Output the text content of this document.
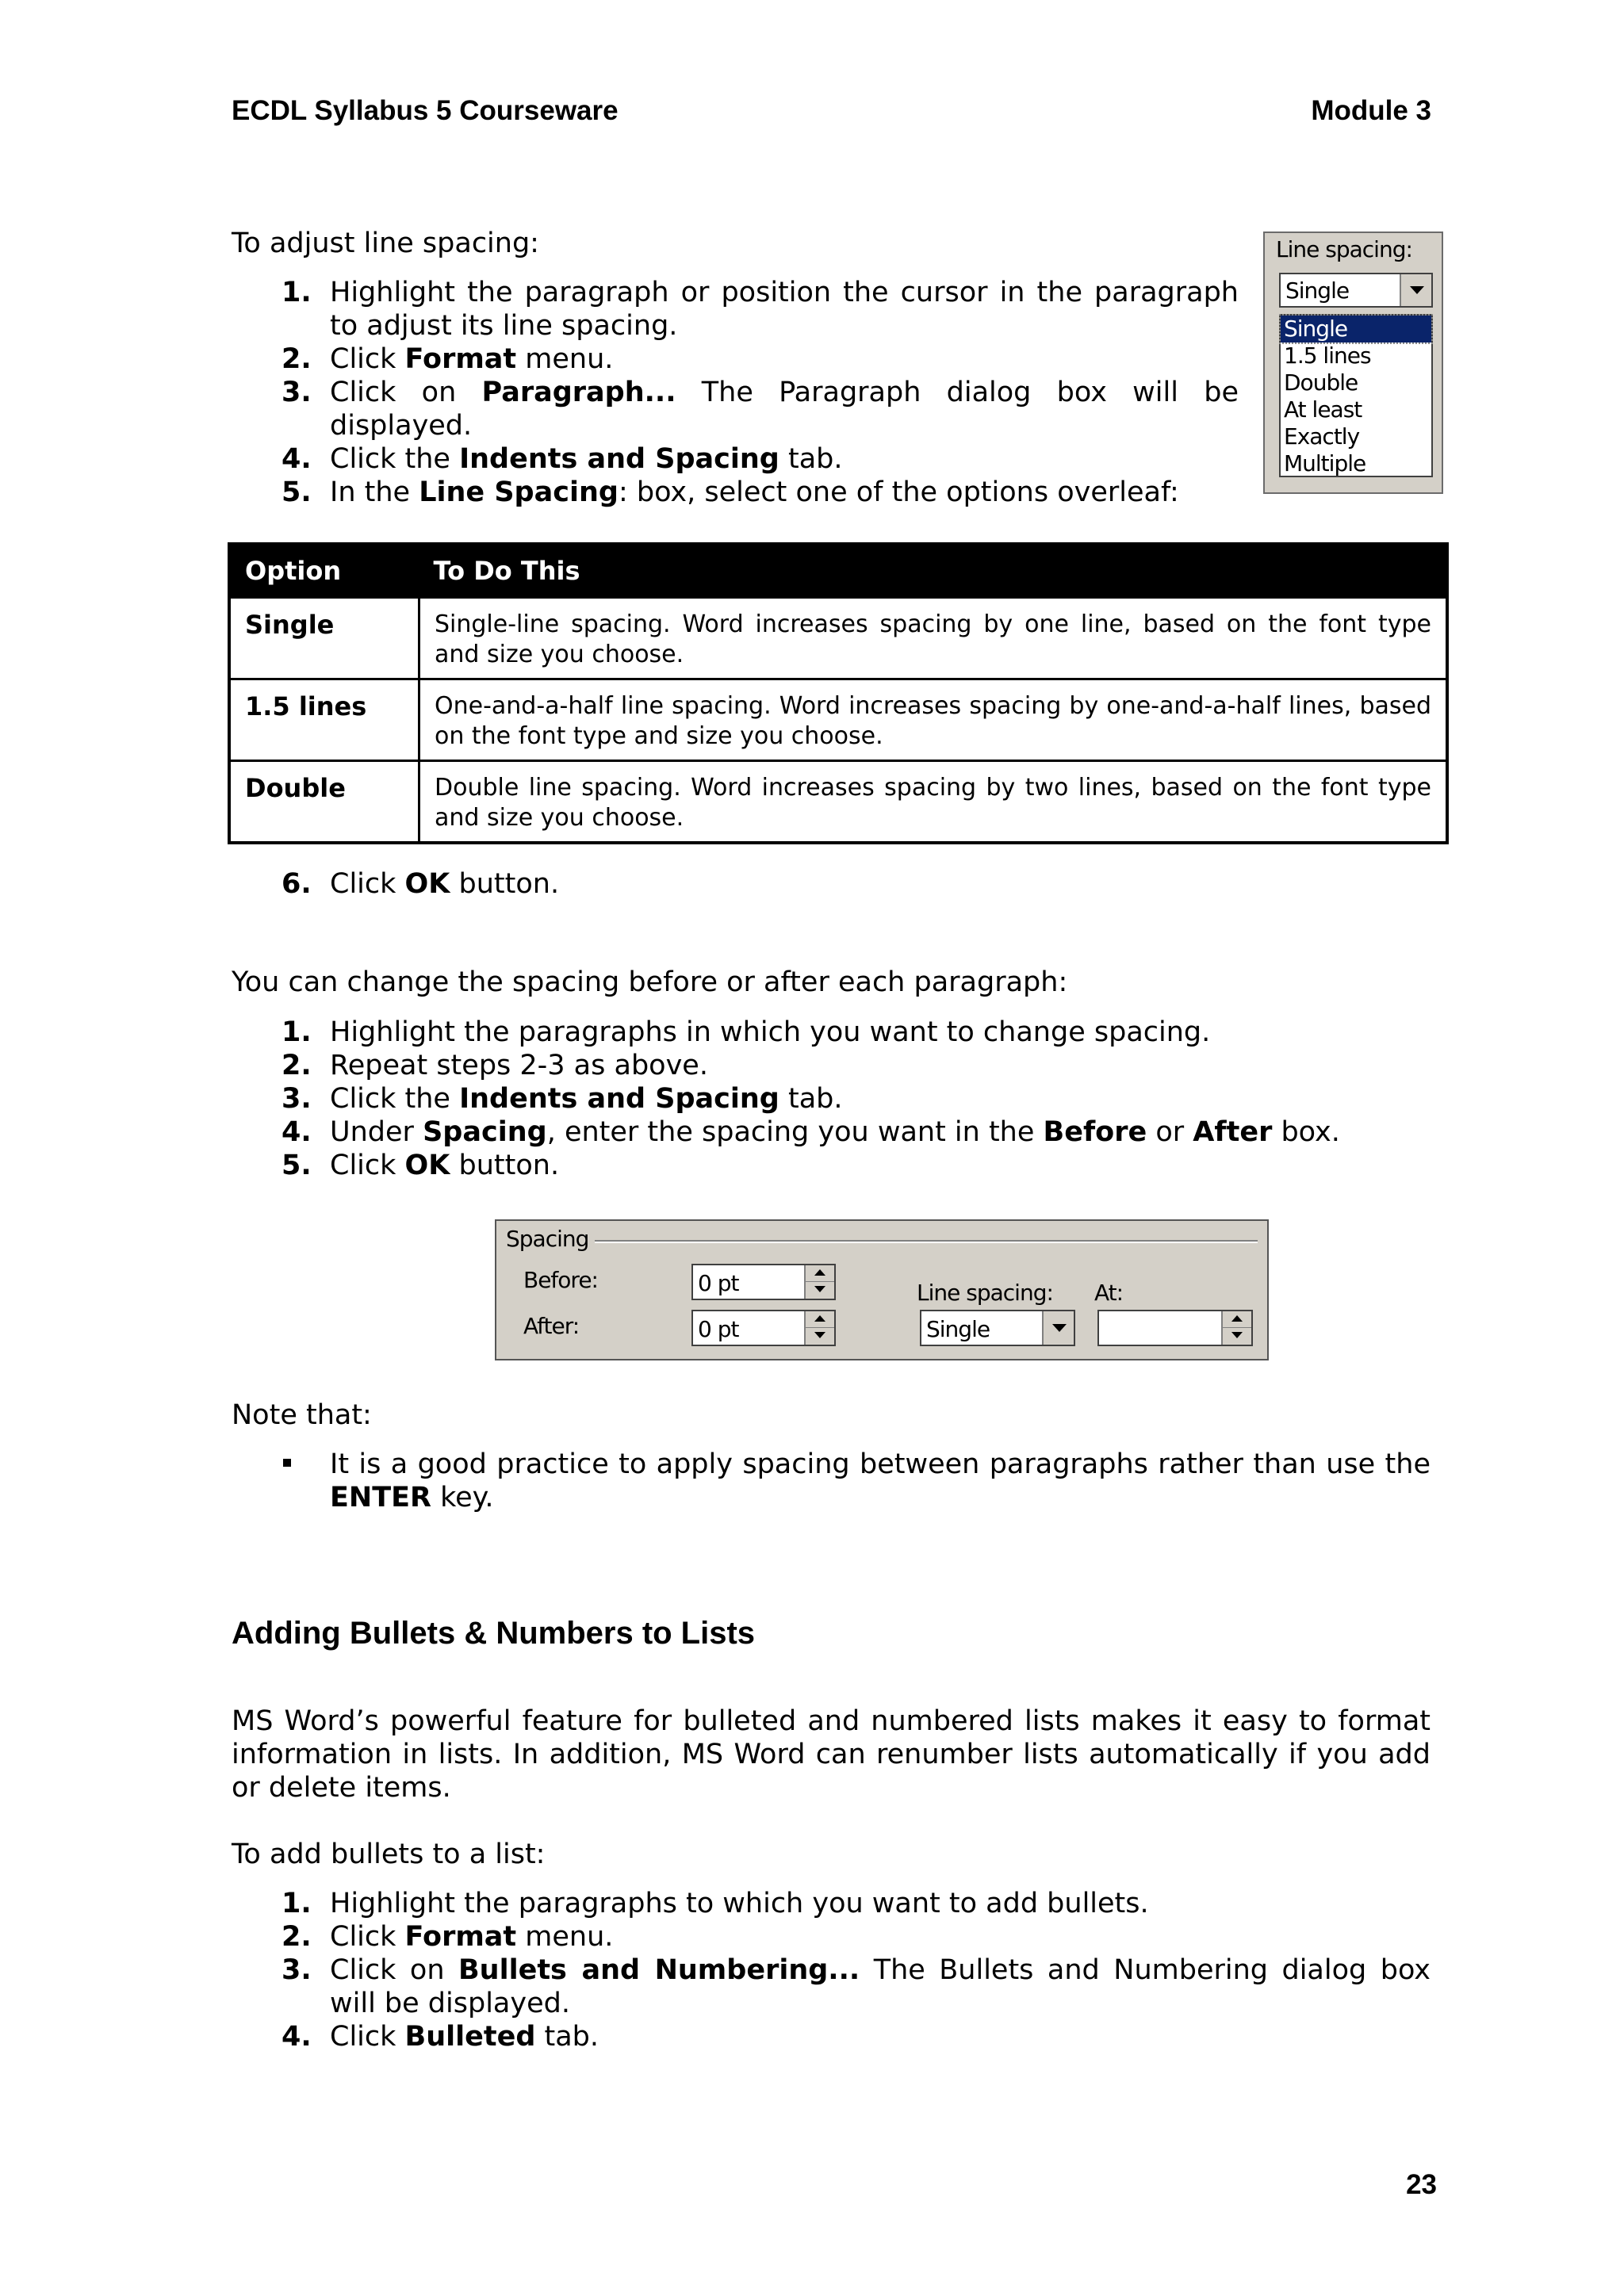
ECDL Syllabus 5 Courseware	Module 3
To adjust line spacing:
1. Highlight the paragraph or position the cursor in the paragraph to adjust its line spacing.
2. Click Format menu.
3. Click on Paragraph... The Paragraph dialog box will be displayed.
4. Click the Indents and Spacing tab.
5. In the Line Spacing: box, select one of the options overleaf:
Line spacing:
Single
Single
1.5 lines
Double
At least
Exactly
Multiple
Option	To Do This
Single	Single-line spacing. Word increases spacing by one line, based on the font type and size you choose.
1.5 lines	One-and-a-half line spacing. Word increases spacing by one-and-a-half lines, based on the font type and size you choose.
Double	Double line spacing. Word increases spacing by two lines, based on the font type and size you choose.
6. Click OK button.
You can change the spacing before or after each paragraph:
1. Highlight the paragraphs in which you want to change spacing.
2. Repeat steps 2-3 as above.
3. Click the Indents and Spacing tab.
4. Under Spacing, enter the spacing you want in the Before or After box.
5. Click OK button.
Spacing
Before:	0 pt
After:	0 pt
Line spacing:
Single
At:
Note that:
It is a good practice to apply spacing between paragraphs rather than use the ENTER key.
Adding Bullets & Numbers to Lists
MS Word’s powerful feature for bulleted and numbered lists makes it easy to format information in lists. In addition, MS Word can renumber lists automatically if you add or delete items.
To add bullets to a list:
1. Highlight the paragraphs to which you want to add bullets.
2. Click Format menu.
3. Click on Bullets and Numbering... The Bullets and Numbering dialog box will be displayed.
4. Click Bulleted tab.
23
